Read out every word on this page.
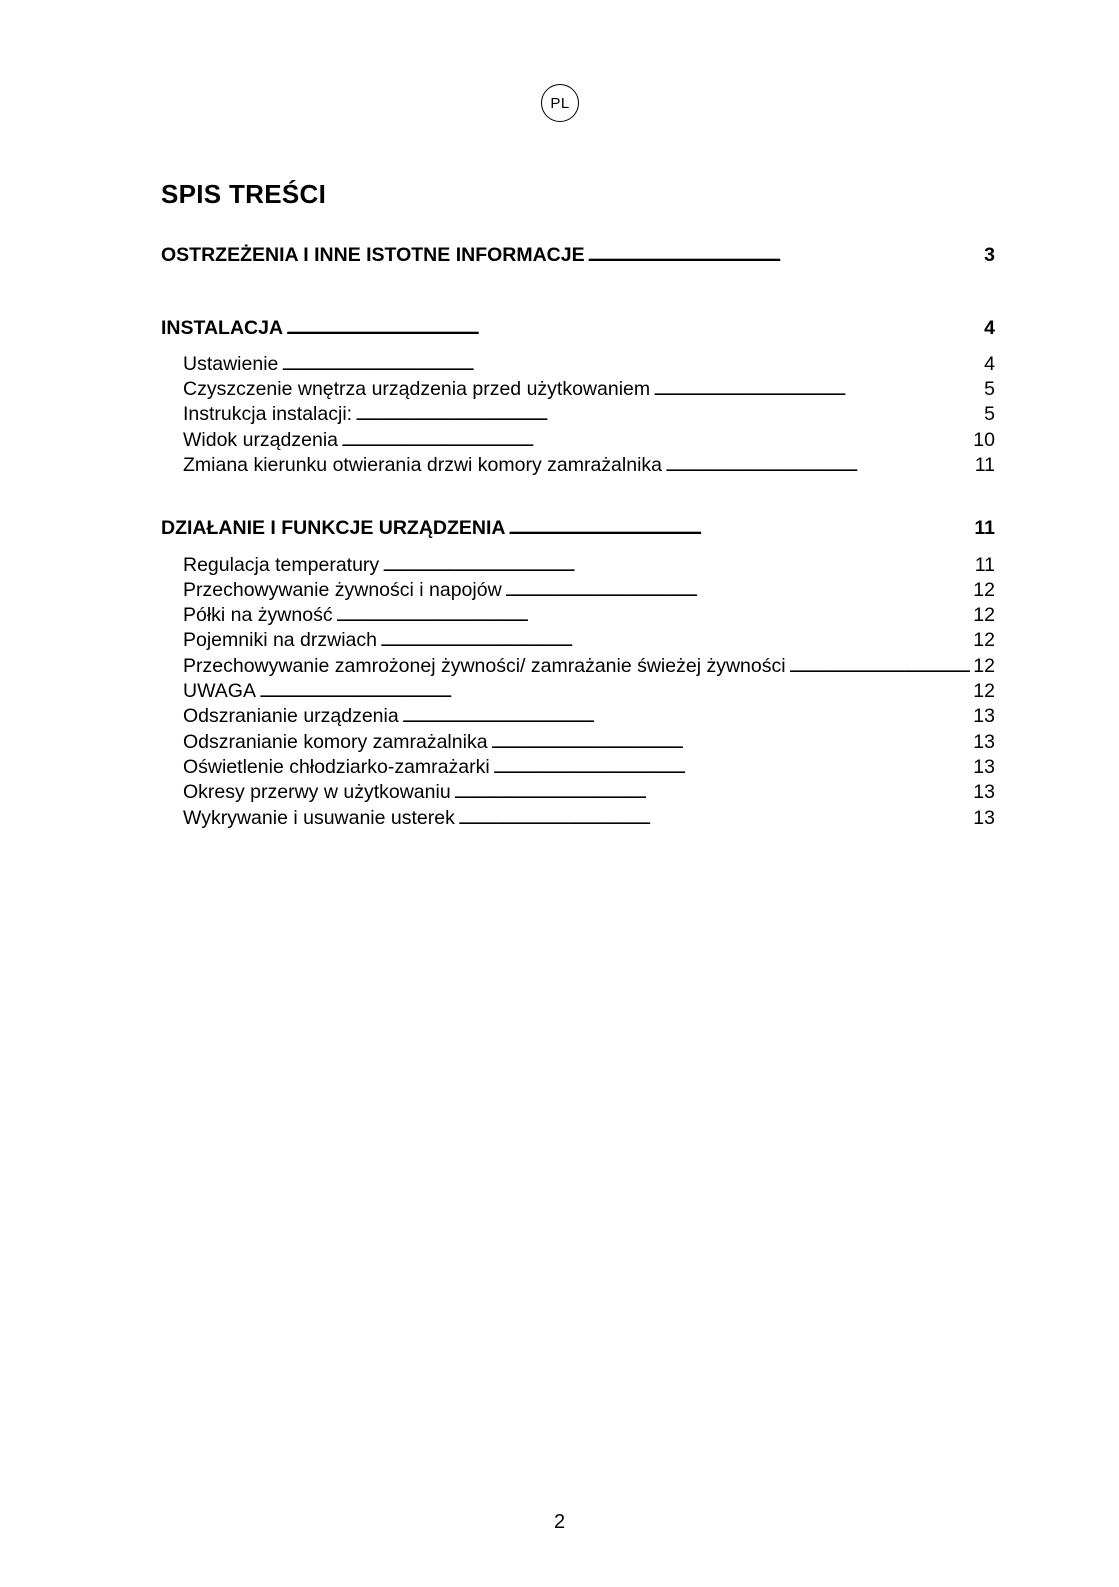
PL
SPIS TREŚCI
OSTRZEŻENIA I INNE ISTOTNE INFORMACJE . . .	3
INSTALACJA . . .	4
Ustawienie . . .	4
Czyszczenie wnętrza urządzenia przed użytkowaniem . . .	5
Instrukcja instalacji: . . .	5
Widok urządzenia . . .	10
Zmiana kierunku otwierania drzwi komory zamrażalnika . . .	11
DZIAŁANIE I FUNKCJE URZĄDZENIA . . .	11
Regulacja temperatury . . .	11
Przechowywanie żywności i napojów . . .	12
Półki na żywność . . .	12
Pojemniki na drzwiach . . .	12
Przechowywanie zamrożonej żywności/ zamrażanie świeżej żywności . . .	12
UWAGA . . .	12
Odszranianie urządzenia . . .	13
Odszranianie komory zamrażalnika . . .	13
Oświetlenie chłodziarko-zamrażarki . . .	13
Okresy przerwy w użytkowaniu . . .	13
Wykrywanie i usuwanie usterek . . .	13
2
